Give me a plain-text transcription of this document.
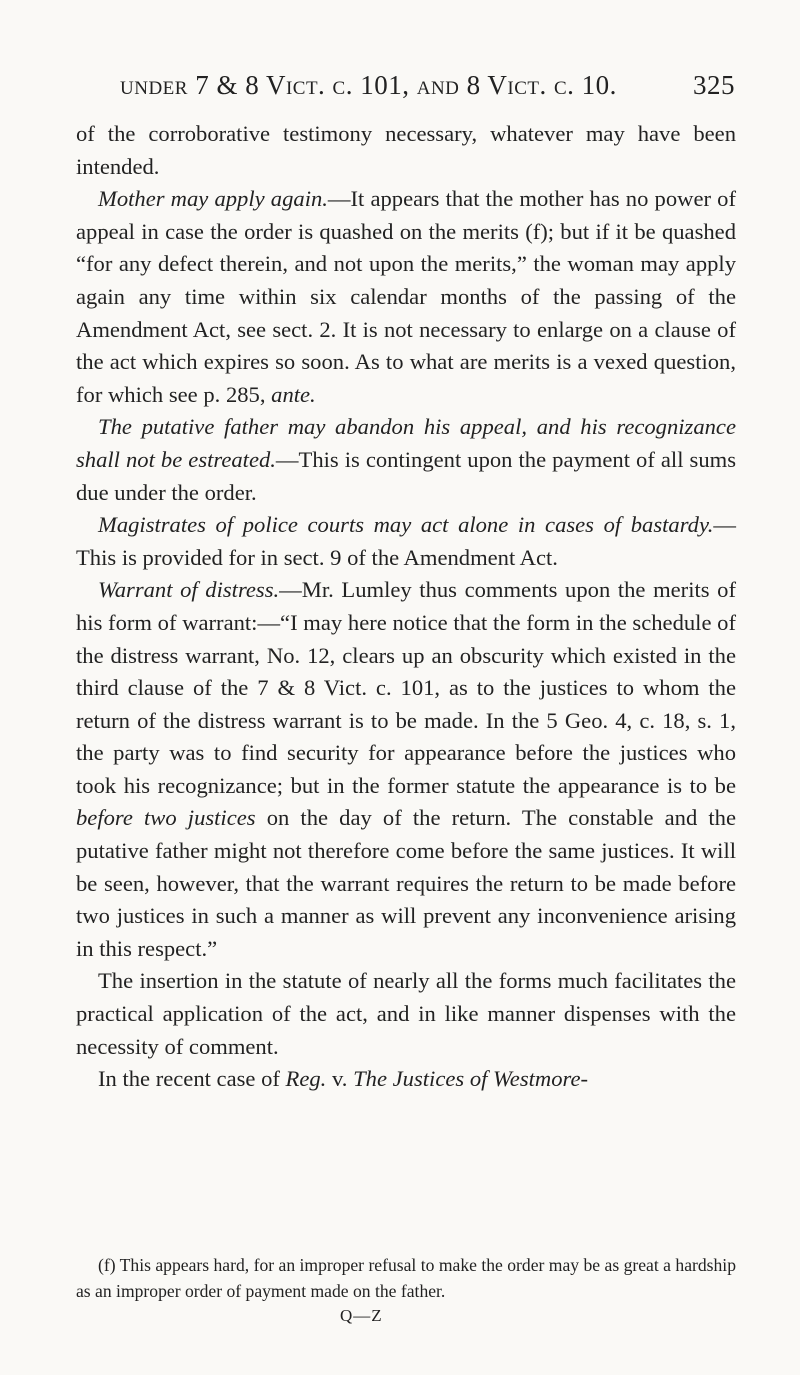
under 7 & 8 Vict. c. 101, and 8 Vict. c. 10.	325

of the corroborative testimony necessary, whatever may have been intended.

Mother may apply again.—It appears that the mother has no power of appeal in case the order is quashed on the merits (f); but if it be quashed “for any defect therein, and not upon the merits,” the woman may apply again any time within six calendar months of the passing of the Amendment Act, see sect. 2. It is not necessary to enlarge on a clause of the act which expires so soon. As to what are merits is a vexed question, for which see p. 285, ante.

The putative father may abandon his appeal, and his recognizance shall not be estreated.—This is contingent upon the payment of all sums due under the order.

Magistrates of police courts may act alone in cases of bastardy.—This is provided for in sect. 9 of the Amendment Act.

Warrant of distress.—Mr. Lumley thus comments upon the merits of his form of warrant:—“I may here notice that the form in the schedule of the distress warrant, No. 12, clears up an obscurity which existed in the third clause of the 7 & 8 Vict. c. 101, as to the justices to whom the return of the distress warrant is to be made. In the 5 Geo. 4, c. 18, s. 1, the party was to find security for appearance before the justices who took his recognizance; but in the former statute the appearance is to be before two justices on the day of the return. The constable and the putative father might not therefore come before the same justices. It will be seen, however, that the warrant requires the return to be made before two justices in such a manner as will prevent any inconvenience arising in this respect.”

The insertion in the statute of nearly all the forms much facilitates the practical application of the act, and in like manner dispenses with the necessity of comment.

In the recent case of Reg. v. The Justices of Westmore-

(f) This appears hard, for an improper refusal to make the order may be as great a hardship as an improper order of payment made on the father.

Q—Z
